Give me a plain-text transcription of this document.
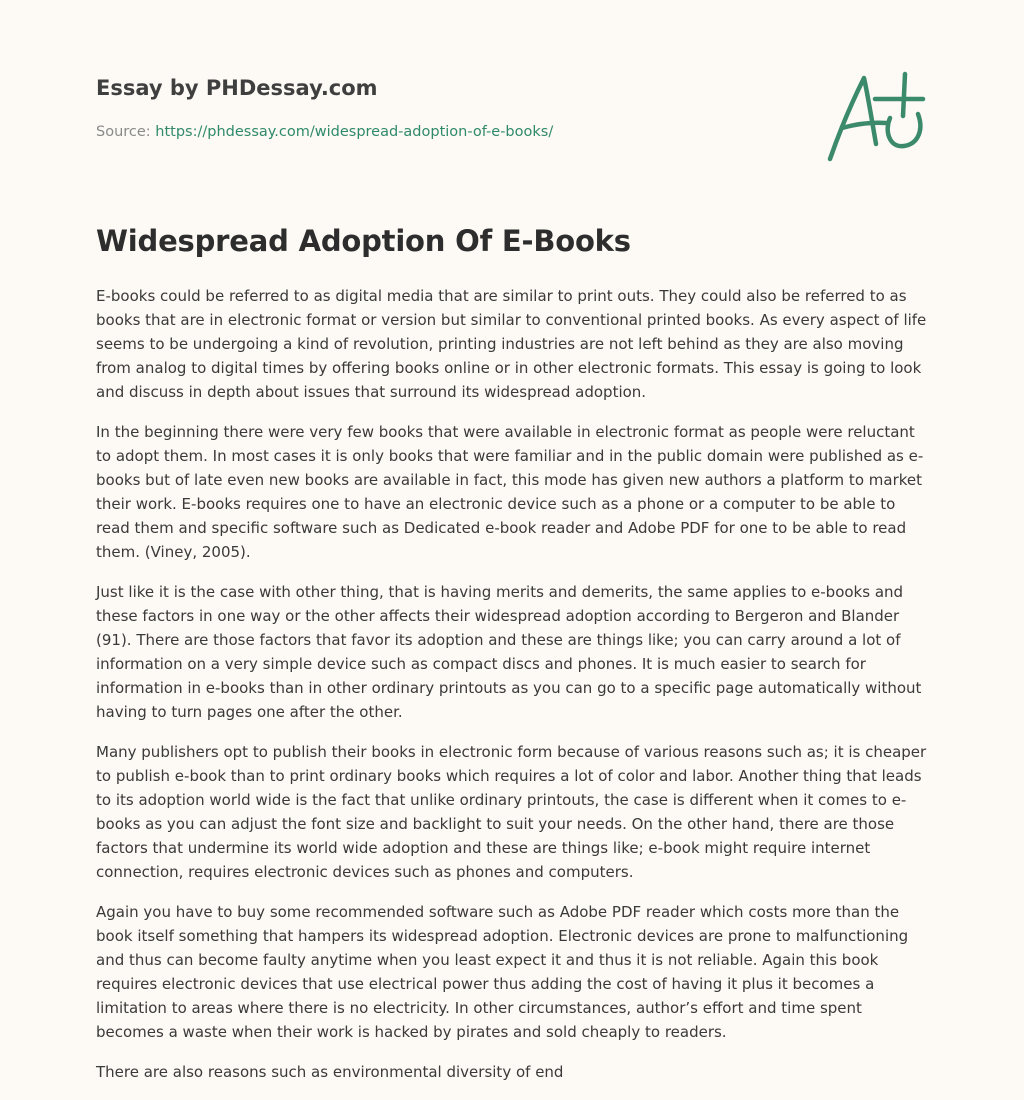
Essay by PHDessay.com
Source: https://phdessay.com/widespread-adoption-of-e-books/
Widespread Adoption Of E-Books

E-books could be referred to as digital media that are similar to print outs. They could also be referred to as books that are in electronic format or version but similar to conventional printed books. As every aspect of life seems to be undergoing a kind of revolution, printing industries are not left behind as they are also moving from analog to digital times by offering books online or in other electronic formats. This essay is going to look and discuss in depth about issues that surround its widespread adoption.

In the beginning there were very few books that were available in electronic format as people were reluctant to adopt them. In most cases it is only books that were familiar and in the public domain were published as e-books but of late even new books are available in fact, this mode has given new authors a platform to market their work. E-books requires one to have an electronic device such as a phone or a computer to be able to read them and specific software such as Dedicated e-book reader and Adobe PDF for one to be able to read them. (Viney, 2005).

Just like it is the case with other thing, that is having merits and demerits, the same applies to e-books and these factors in one way or the other affects their widespread adoption according to Bergeron and Blander (91). There are those factors that favor its adoption and these are things like; you can carry around a lot of information on a very simple device such as compact discs and phones. It is much easier to search for information in e-books than in other ordinary printouts as you can go to a specific page automatically without having to turn pages one after the other.

Many publishers opt to publish their books in electronic form because of various reasons such as; it is cheaper to publish e-book than to print ordinary books which requires a lot of color and labor. Another thing that leads to its adoption world wide is the fact that unlike ordinary printouts, the case is different when it comes to e-books as you can adjust the font size and backlight to suit your needs. On the other hand, there are those factors that undermine its world wide adoption and these are things like; e-book might require internet connection, requires electronic devices such as phones and computers.

Again you have to buy some recommended software such as Adobe PDF reader which costs more than the book itself something that hampers its widespread adoption. Electronic devices are prone to malfunctioning and thus can become faulty anytime when you least expect it and thus it is not reliable. Again this book requires electronic devices that use electrical power thus adding the cost of having it plus it becomes a limitation to areas where there is no electricity. In other circumstances, author’s effort and time spent becomes a waste when their work is hacked by pirates and sold cheaply to readers.

There are also reasons such as environmental diversity of end
